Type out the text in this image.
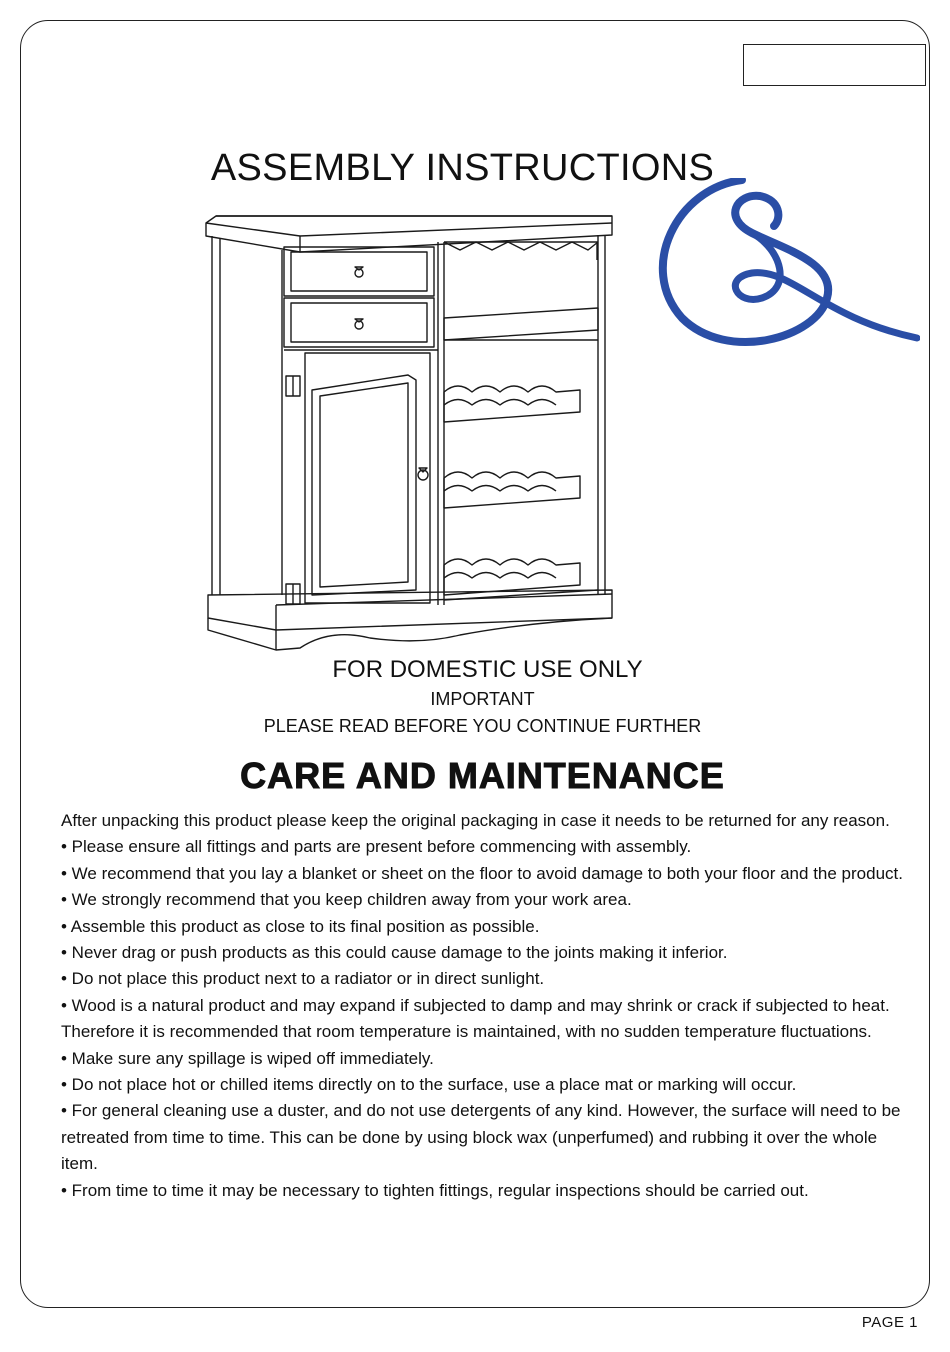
ASSEMBLY INSTRUCTIONS
FOR DOMESTIC USE ONLY
IMPORTANT
PLEASE READ BEFORE YOU CONTINUE FURTHER
CARE AND MAINTENANCE

After unpacking this product please keep the original packaging in case it needs to be returned for any reason.

• Please ensure all fittings and parts are present before commencing with assembly.

• We recommend that you lay a blanket or sheet on the floor to avoid damage to both your floor and the product.

• We strongly recommend that you keep children away from your work area.

• Assemble this product as close to its final position as possible.

• Never drag or push products as this could cause damage to the joints making it inferior.

• Do not place this product next to a radiator or in direct sunlight.

• Wood is a natural product and may expand if subjected to damp and may shrink or crack if subjected to heat. Therefore it is recommended that room temperature is maintained, with no sudden temperature fluctuations.

• Make sure any spillage is wiped off immediately.

• Do not place hot or chilled items directly on to the surface, use a place mat or marking will occur.

• For general cleaning use a duster, and do not use detergents of any kind. However, the surface will need to be retreated from time to time. This can be done by using block wax (unperfumed) and rubbing it over the whole item.

• From time to time it may be necessary to tighten fittings, regular inspections should be carried out.

PAGE 1
